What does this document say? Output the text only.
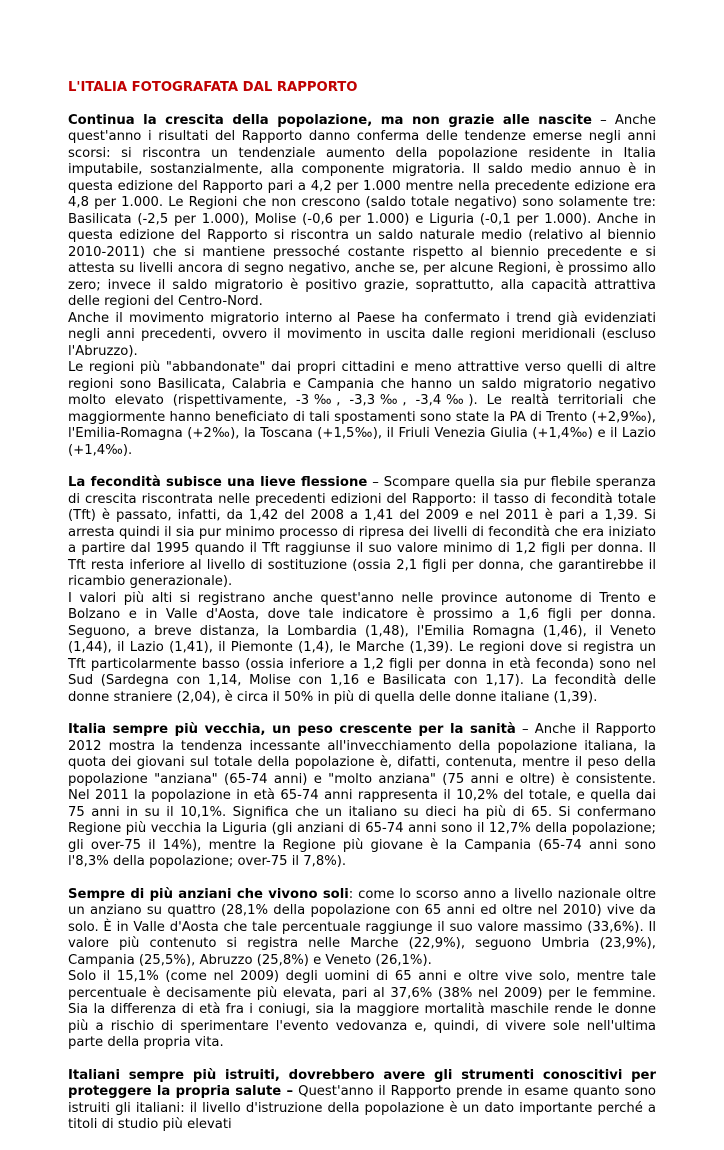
L'ITALIA FOTOGRAFATA DAL RAPPORTO

Continua la crescita della popolazione, ma non grazie alle nascite – Anche quest'anno i risultati del Rapporto danno conferma delle tendenze emerse negli anni scorsi: si riscontra un tendenziale aumento della popolazione residente in Italia imputabile, sostanzialmente, alla componente migratoria. Il saldo medio annuo è in questa edizione del Rapporto pari a 4,2 per 1.000 mentre nella precedente edizione era 4,8 per 1.000. Le Regioni che non crescono (saldo totale negativo) sono solamente tre: Basilicata (-2,5 per 1.000), Molise (-0,6 per 1.000) e Liguria (-0,1 per 1.000). Anche in questa edizione del Rapporto si riscontra un saldo naturale medio (relativo al biennio 2010-2011) che si mantiene pressoché costante rispetto al biennio precedente e si attesta su livelli ancora di segno negativo, anche se, per alcune Regioni, è prossimo allo zero; invece il saldo migratorio è positivo grazie, soprattutto, alla capacità attrattiva delle regioni del Centro-Nord.

Anche il movimento migratorio interno al Paese ha confermato i trend già evidenziati negli anni precedenti, ovvero il movimento in uscita dalle regioni meridionali (escluso l'Abruzzo).

Le regioni più "abbandonate" dai propri cittadini e meno attrattive verso quelli di altre regioni sono Basilicata, Calabria e Campania che hanno un saldo migratorio negativo molto elevato (rispettivamente, -3‰, -3,3‰, -3,4‰). Le realtà territoriali che maggiormente hanno beneficiato di tali spostamenti sono state la PA di Trento (+2,9‰), l'Emilia-Romagna (+2‰), la Toscana (+1,5‰), il Friuli Venezia Giulia (+1,4‰) e il Lazio (+1,4‰).

La fecondità subisce una lieve flessione – Scompare quella sia pur flebile speranza di crescita riscontrata nelle precedenti edizioni del Rapporto: il tasso di fecondità totale (Tft) è passato, infatti, da 1,42 del 2008 a 1,41 del 2009 e nel 2011 è pari a 1,39. Si arresta quindi il sia pur minimo processo di ripresa dei livelli di fecondità che era iniziato a partire dal 1995 quando il Tft raggiunse il suo valore minimo di 1,2 figli per donna. Il Tft resta inferiore al livello di sostituzione (ossia 2,1 figli per donna, che garantirebbe il ricambio generazionale).

I valori più alti si registrano anche quest'anno nelle province autonome di Trento e Bolzano e in Valle d'Aosta, dove tale indicatore è prossimo a 1,6 figli per donna. Seguono, a breve distanza, la Lombardia (1,48), l'Emilia Romagna (1,46), il Veneto (1,44), il Lazio (1,41), il Piemonte (1,4), le Marche (1,39). Le regioni dove si registra un Tft particolarmente basso (ossia inferiore a 1,2 figli per donna in età feconda) sono nel Sud (Sardegna con 1,14, Molise con 1,16 e Basilicata con 1,17). La fecondità delle donne straniere (2,04), è circa il 50% in più di quella delle donne italiane (1,39).

Italia sempre più vecchia, un peso crescente per la sanità – Anche il Rapporto 2012 mostra la tendenza incessante all'invecchiamento della popolazione italiana, la quota dei giovani sul totale della popolazione è, difatti, contenuta, mentre il peso della popolazione "anziana" (65-74 anni) e "molto anziana" (75 anni e oltre) è consistente. Nel 2011 la popolazione in età 65-74 anni rappresenta il 10,2% del totale, e quella dai 75 anni in su il 10,1%. Significa che un italiano su dieci ha più di 65. Si confermano Regione più vecchia la Liguria (gli anziani di 65-74 anni sono il 12,7% della popolazione; gli over-75 il 14%), mentre la Regione più giovane è la Campania (65-74 anni sono l'8,3% della popolazione; over-75 il 7,8%).

Sempre di più anziani che vivono soli: come lo scorso anno a livello nazionale oltre un anziano su quattro (28,1% della popolazione con 65 anni ed oltre nel 2010) vive da solo. È in Valle d'Aosta che tale percentuale raggiunge il suo valore massimo (33,6%). Il valore più contenuto si registra nelle Marche (22,9%), seguono Umbria (23,9%), Campania (25,5%), Abruzzo (25,8%) e Veneto (26,1%).

Solo il 15,1% (come nel 2009) degli uomini di 65 anni e oltre vive solo, mentre tale percentuale è decisamente più elevata, pari al 37,6% (38% nel 2009) per le femmine. Sia la differenza di età fra i coniugi, sia la maggiore mortalità maschile rende le donne più a rischio di sperimentare l'evento vedovanza e, quindi, di vivere sole nell'ultima parte della propria vita.

Italiani sempre più istruiti, dovrebbero avere gli strumenti conoscitivi per proteggere la propria salute – Quest'anno il Rapporto prende in esame quanto sono istruiti gli italiani: il livello d'istruzione della popolazione è un dato importante perché a titoli di studio più elevati
